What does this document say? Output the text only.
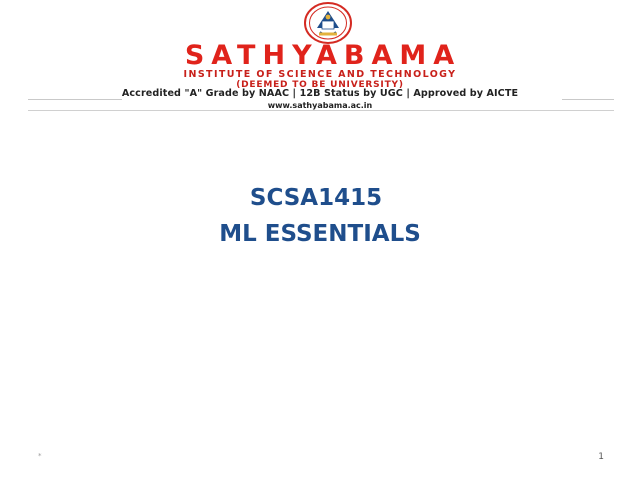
SATHYABAMA
INSTITUTE OF SCIENCE AND TECHNOLOGY
(DEEMED TO BE UNIVERSITY)
Accredited "A" Grade by NAAC | 12B Status by UGC | Approved by AICTE
www.sathyabama.ac.in
SCSA1415
ML ESSENTIALS
*	1
